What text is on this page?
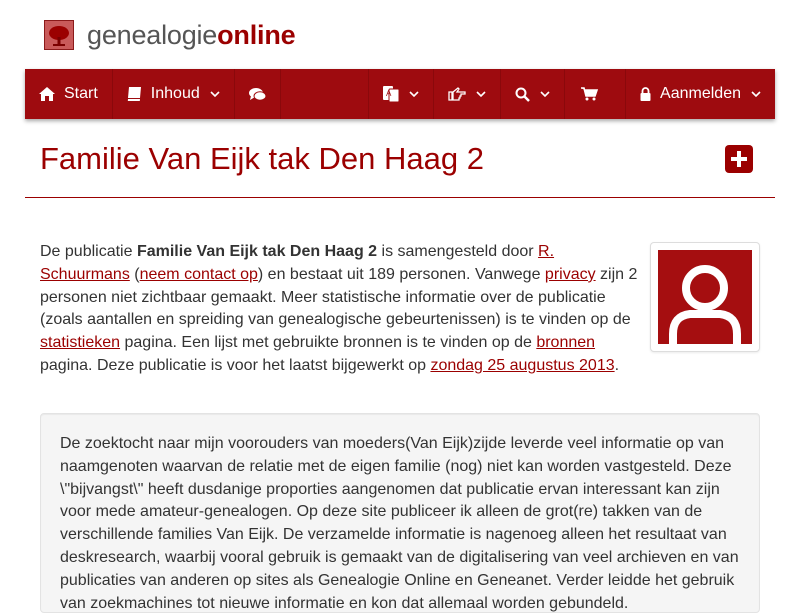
genealogieonline
Start	Inhoud	A	Aanmelden
Familie Van Eijk tak Den Haag 2

De publicatie Familie Van Eijk tak Den Haag 2 is samengesteld door R. Schuurmans (neem contact op) en bestaat uit 189 personen. Vanwege privacy zijn 2 personen niet zichtbaar gemaakt. Meer statistische informatie over de publicatie (zoals aantallen en spreiding van genealogische gebeurtenissen) is te vinden op de statistieken pagina. Een lijst met gebruikte bronnen is te vinden op de bronnen pagina. Deze publicatie is voor het laatst bijgewerkt op zondag 25 augustus 2013.

De zoektocht naar mijn voorouders van moeders(Van Eijk)zijde leverde veel informatie op van naamgenoten waarvan de relatie met de eigen familie (nog) niet kan worden vastgesteld. Deze \"bijvangst\" heeft dusdanige proporties aangenomen dat publicatie ervan interessant kan zijn voor mede amateur-genealogen. Op deze site publiceer ik alleen de grot(re) takken van de verschillende families Van Eijk. De verzamelde informatie is nagenoeg alleen het resultaat van deskresearch, waarbij vooral gebruik is gemaakt van de digitalisering van veel archieven en van publicaties van anderen op sites als Genealogie Online en Geneanet. Verder leidde het gebruik van zoekmachines tot nieuwe informatie en kon dat allemaal worden gebundeld.
